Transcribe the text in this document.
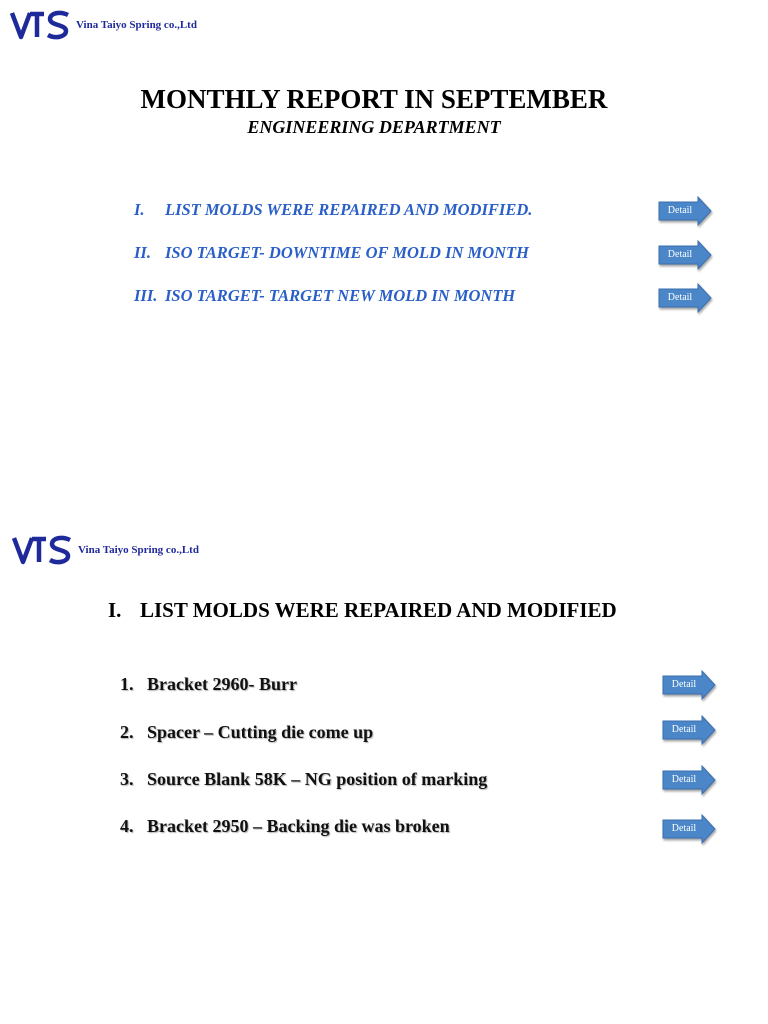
Vina Taiyo Spring co.,Ltd
MONTHLY REPORT IN SEPTEMBER
ENGINEERING DEPARTMENT
I. LIST MOLDS WERE REPAIRED AND MODIFIED.
II. ISO TARGET- DOWNTIME OF MOLD IN MONTH
III. ISO TARGET- TARGET NEW MOLD IN MONTH
Detail
Detail
Detail
Vina Taiyo Spring co.,Ltd
I. LIST MOLDS WERE REPAIRED AND MODIFIED
1. Bracket 2960- Burr
2. Spacer – Cutting die come up
3. Source Blank 58K – NG position of marking
4. Bracket 2950 – Backing die was broken
Detail
Detail
Detail
Detail
